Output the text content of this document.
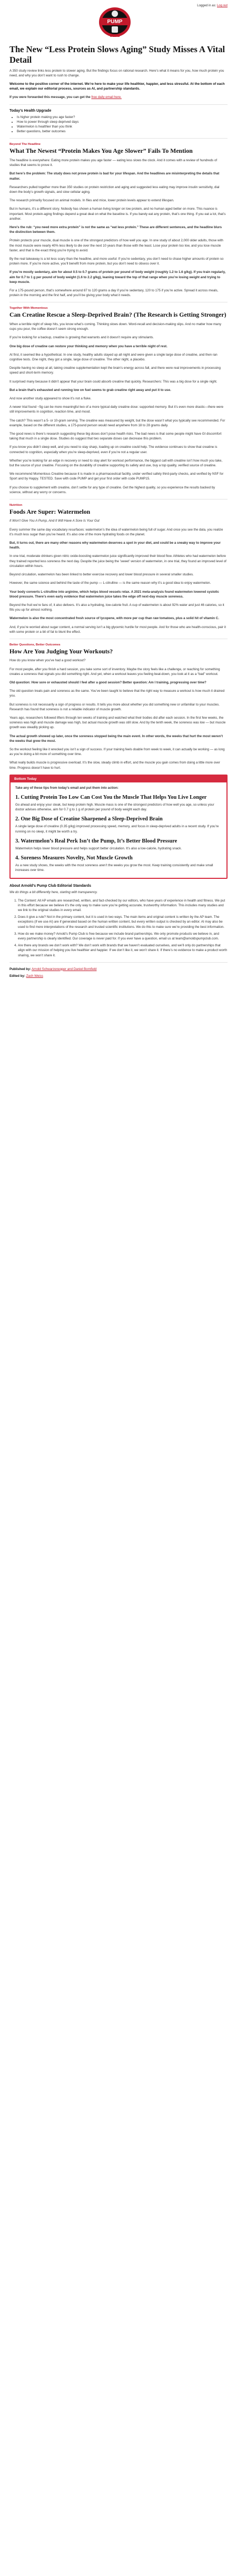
PUMP
CLUB
Logged in as: Log out
The New “Less Protein Slows Aging” Study Misses A Vital Detail

A 350 study review links less protein to slower aging. But the findings focus on rational research. Here’s what it means for you, how much protein you need, and why you don’t want to rush to change.

Welcome to the positive corner of the internet. We’re here to make your life healthier, happier, and less stressful. At the bottom of each email, we explain our editorial process, sources as AI, and partnership standards.

If you were forwarded this message, you can get the free daily email here.

Today’s Health Upgrade
• Is higher protein making you age faster?
• How to power through sleep deprived days
• Watermelon is healthier than you think
• Better questions, better outcomes
Beyond The Headline
What The Newest “Protein Makes You Age Slower” Fails To Mention

The headline is everywhere: Eating more protein makes you age faster — eating less slows the clock. And it comes with a review of hundreds of studies that seems to prove it.

But here’s the problem: The study does not prove protein is bad for your lifespan. And the headlines are misinterpreting the details that matter.

Researchers pulled together more than 350 studies on protein restriction and aging and suggested less eating may improve insulin sensitivity, dial down the body’s growth signals, and slow cellular aging.

The research primarily focused on animal models. In flies and mice, lower protein levels appear to extend lifespan.

But in humans, it’s a different story. Nobody has shown a human living longer on low protein, and no human aged better on more. This nuance is important. Most protein-aging findings depend a great deal on what the baseline is. If you barely eat any protein, that’s one thing. If you eat a lot, that’s another.

Here’s the rub: “you need more extra protein” is not the same as “eat less protein.” These are different sentences, and the headline blurs the distinction between them.

Protein protects your muscle, dual muscle is one of the strongest predictors of how well you age. In one study of about 2,000 older adults, those with the most muscle were nearly 40% less likely to die over the next 10 years than those with the least. Lose your protein too low, and you lose muscle faster, and that is the exact thing you’re trying to avoid.

By the real takeaway is a lot less scary than the headline, and more useful: If you’re sedentary, you don’t need to chase higher amounts of protein so protein more. If you’re more active, you’ll benefit from more protein, but you don’t need to obsess over it.

If you’re mostly sedentary, aim for about 0.5 to 0.7 grams of protein per pound of body weight (roughly 1.2 to 1.6 g/kg). If you train regularly, aim for 0.7 to 1 g per pound of body weight (1.6 to 2.2 g/kg), leaning toward the top of that range when you’re losing weight and trying to keep muscle.

For a 175-pound person, that’s somewhere around 87 to 120 grams a day if you’re sedentary, 120 to 175 if you’re active. Spread it across meals, protein in the morning and the first half, and you’ll be giving your body what it needs.

Together With Momentous
Can Creatine Rescue a Sleep-Deprived Brain? (The Research is Getting Stronger)

When a terrible night of sleep hits, you know what’s coming. Thinking slows down. Word-recall and decision-making slips. And no matter how many cups you pour, the coffee doesn’t seem strong enough.

If you’re looking for a backup, creatine is growing that warrants and it doesn’t require any stimulants.

One big dose of creatine can restore your thinking and memory when you have a terrible night of rest.

At first, it seemed like a hypothetical. In one study, healthy adults stayed up all night and were given a single large dose of creatine, and then ran cognitive tests. One night, they got a single, large dose of creatine. The other night, a placebo.

Despite having no sleep at all, taking creatine supplementation kept the brain’s energy across fall, and there were real improvements in processing speed and short-term memory.

It surprised many because it didn’t appear that your brain could absorb creatine that quickly. Researchers: This was a big dose for a single night.

But a brain that’s exhausted and running low on fuel seems to grab creatine right away and put it to use.

And now another study appeared to show it’s not a fluke.

A newer trial found ~5g can be more meaningful two of a more typical daily creatine dose: supported memory. But it’s even more drastic—there were still improvements in cognition, reaction time, and mood.

The catch? This wasn’t a 5- or 10-gram serving. The creatine was measured by weight, but the dose wasn’t what you typically see recommended. For example, based on the different studies, a 175-pound person would need anywhere from 18 to 28 grams daily.

The good news is there’s research suggesting these big doses don’t pose health risks. The bad news is that some people might have GI discomfort taking that much in a single dose. Studies do suggest that two separate doses can decrease this problem.

If you know you didn’t sleep well, and you need to stay sharp, loading up on creatine could help. The evidence continues to show that creatine is connected to cognition, especially when you’re sleep-deprived, even if you’re not a regular user.

Whether you’re looking for an edge in recovery or need to stay alert for workout performance, the biggest call with creatine isn’t how much you take, but the source of your creatine. Focusing on the durability of creatine supporting its safety and use, buy a top quality, verified source of creatine.

We recommend Momentous Creatine because it is made in a pharmaceutical facility, under verified safety third-party checks, and verified by NSF for Sport and by Happy. TESTED. Save with code PUMP and get your first order with code PUMP15.

If you choose to supplement with creatine, don’t settle for any type of creatine. Get the highest quality, so you experience the results backed by science, without any worry or concerns.

Nutrition
Foods Are Super: Watermelon

It Won’t Give You A Pump, And It Will Have A Sore Is Your Gut

Every summer the same day vocabulary resurfaces: watermelon’s the idea of watermelon being full of sugar. And once you see the data, you realize it’s much less sugar than you’ve heard. It’s also one of the more hydrating foods on the planet.

But, it turns out, there are many other reasons why watermelon deserves a spot in your diet, and could be a sneaky way to improve your health.

In one trial, moderate drinkers given nitric oxide-boosting watermelon juice significantly improved their blood flow. Athletes who had watermelon before they trained reported less soreness the next day. Despite the juice being the 'sweet' version of watermelon, in one trial, they found an improved level of circulation within hours.

Beyond circulation, watermelon has been linked to better exercise recovery and lower blood pressure in several smaller studies.

However, the same science and behind the taste of the pump — L-citrulline — is the same reason why it’s a good idea to enjoy watermelon.

Your body converts L-citrulline into arginine, which helps blood vessels relax. A 2021 meta-analysis found watermelon lowered systolic blood pressure. There’s even early evidence that watermelon juice takes the edge off next-day muscle soreness.

Beyond the fruit we’re fans of, it also delivers. It’s also a hydrating, low-calorie fruit. A cup of watermelon is about 92% water and just 46 calories, so it fills you up for almost nothing.

Watermelon is also the most concentrated fresh source of lycopene, with more per cup than raw tomatoes, plus a solid hit of vitamin C.

And, if you’re worried about sugar content, a normal serving isn’t a big glycemic hurdle for most people. And for those who are health-conscious, pair it with some protein or a bit of fat to blunt the effect.

Better Questions, Better Outcomes
How Are You Judging Your Workouts?

How do you know when you’ve had a good workout?

For most people, after you finish a hard session, you take some sort of inventory. Maybe the story feels like a challenge, or reaching for something creates a soreness that signals you did something right. And yet, when a workout leaves you feeling beat-down, you look at it as a “bad” workout.

Old question: How sore or exhausted should I feel after a good session? Better question: Am I training, progressing over time?

The old question treats pain and soreness as the same. You’ve been taught to believe that the right way to measure a workout is how much it drained you.

But soreness is not necessarily a sign of progress or results. It tells you more about whether you did something new or unfamiliar to your muscles. Research has found that soreness is not a reliable indicator of muscle growth.

Years ago, researchers followed lifters through ten weeks of training and watched what their bodies did after each session. In the first few weeks, the soreness was high and muscle damage was high, but actual muscle growth was still slow. And by the tenth week, the soreness was low — but muscle growth was steadily picking up.

The actual growth showed up later, once the soreness stopped being the main event. In other words, the weeks that hurt the most weren’t the weeks that grew the most.

So the workout feeling like it wrecked you isn’t a sign of success. If your training feels doable from week to week, it can actually be working — as long as you’re doing a bit more of something over time.

What really builds muscle is progressive overload. It’s the slow, steady climb in effort, and the muscle you gain comes from doing a little more over time. Progress doesn’t have to hurt.

Bottom Today

Take any of these tips from today’s email and put them into action:

1. Cutting Protein Too Low Can Cost You the Muscle That Helps You Live Longer

Go ahead and enjoy your steak, but keep protein high. Muscle mass is one of the strongest predictors of how well you age, so unless your doctor advises otherwise, aim for 0.7 g to 1 g of protein per pound of body weight each day.

2. One Big Dose of Creatine Sharpened a Sleep-Deprived Brain

A single large dose of creatine (0.35 g/kg) improved processing speed, memory, and focus in sleep-deprived adults in a recent study. If you’re running on no sleep, it might be worth a try.

3. Watermelon’s Real Perk Isn’t the Pump, It’s Better Blood Pressure

Watermelon helps lower blood pressure and helps support better circulation. It’s also a low-calorie, hydrating snack.

4. Soreness Measures Novelty, Not Muscle Growth

As a new study shows, the weeks with the most soreness aren’t the weeks you grow the most. Keep training consistently and make small increases over time.

About Arnold’s Pump Club Editorial Standards

We do things a bit differently here, starting with transparency.

1. The Content: All AP emails are researched, written, and fact-checked by our editors, who have years of experience in health and fitness. We put in this effort because we believe it’s the only way to make sure you’re getting accurate, trustworthy information. This includes many studies and we link to the original studies in every email.
2. Does it give a rule? Not in the primary content, but it is used in two ways. The main items and original content is written by the AP team. The exceptions (if we use AI) are if generated based on the human written content, but every written output is checked by an editor. AI may also be used to find more interpretations of the research and trusted scientific institutions. We do this to make sure we’re providing the best information.
3. How do we make money? Arnold’s Pump Club is free because we include brand partnerships. We only promote products we believe in, and every partnership is clearly identified. Our coverage is never paid for. If you ever have a question, email us at team@arnoldspumpclub.com.
4. Are there any brands we don’t work with? We don’t work with brands that we haven’t evaluated ourselves, and we’ll only do partnerships that align with our mission of helping you live healthier and happier. If we don’t like it, we won’t share it. If there’s no evidence to make a product worth sharing, we won’t share it.
Published by: Arnold Schwarzenegger and Daniel Bornfield
Edited by: Zach Weiss
